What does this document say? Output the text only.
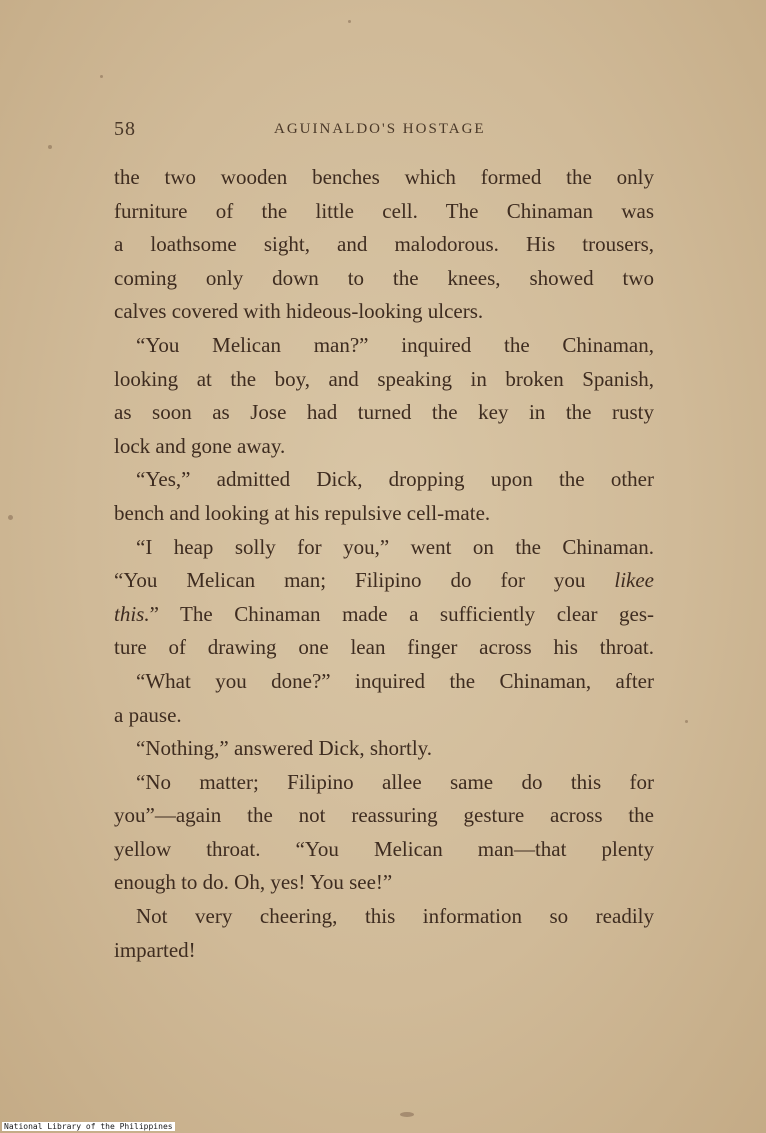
58	AGUINALDO'S HOSTAGE
the two wooden benches which formed the only
furniture of the little cell. The Chinaman was
a loathsome sight, and malodorous. His trousers,
coming only down to the knees, showed two
calves covered with hideous-looking ulcers.
“You Melican man?” inquired the Chinaman,
looking at the boy, and speaking in broken Spanish,
as soon as Jose had turned the key in the rusty
lock and gone away.
“Yes,” admitted Dick, dropping upon the other
bench and looking at his repulsive cell-mate.
“I heap solly for you,” went on the Chinaman.
“You Melican man; Filipino do for you likee
this.” The Chinaman made a sufficiently clear ges-
ture of drawing one lean finger across his throat.
“What you done?” inquired the Chinaman, after
a pause.
“Nothing,” answered Dick, shortly.
“No matter; Filipino allee same do this for
you”—again the not reassuring gesture across the
yellow throat. “You Melican man—that plenty
enough to do. Oh, yes! You see!”
Not very cheering, this information so readily
imparted!
National Library of the Philippines
